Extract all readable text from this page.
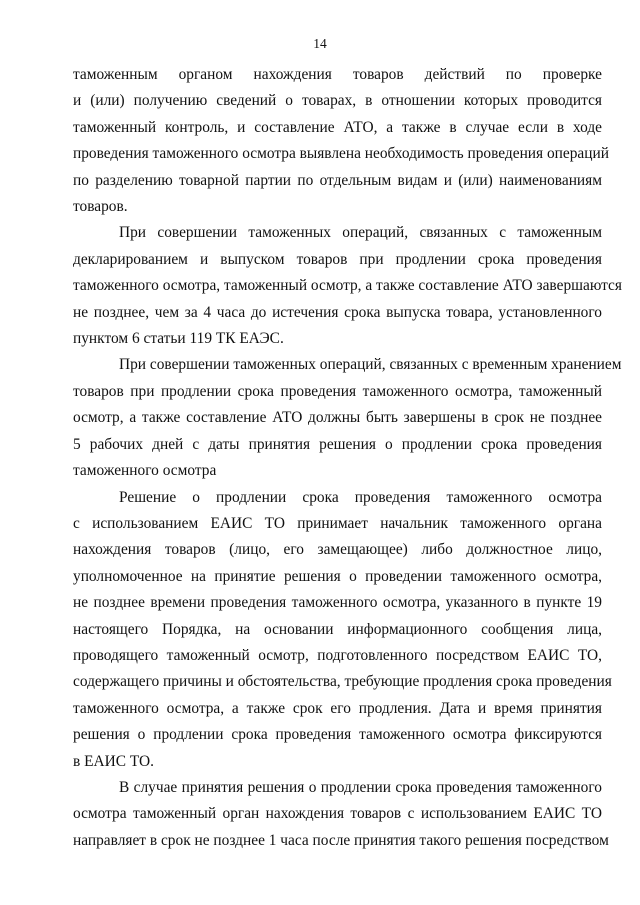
14
таможенным органом нахождения товаров действий по проверке
и (или) получению сведений о товарах, в отношении которых проводится
таможенный контроль, и составление АТО, а также в случае если в ходе
проведения таможенного осмотра выявлена необходимость проведения операций
по разделению товарной партии по отдельным видам и (или) наименованиям
товаров.
При совершении таможенных операций, связанных с таможенным
декларированием и выпуском товаров при продлении срока проведения
таможенного осмотра, таможенный осмотр, а также составление АТО завершаются
не позднее, чем за 4 часа до истечения срока выпуска товара, установленного
пунктом 6 статьи 119 ТК ЕАЭС.
При совершении таможенных операций, связанных с временным хранением
товаров при продлении срока проведения таможенного осмотра, таможенный
осмотр, а также составление АТО должны быть завершены в срок не позднее
5 рабочих дней с даты принятия решения о продлении срока проведения
таможенного осмотра
Решение о продлении срока проведения таможенного осмотра
с использованием ЕАИС ТО принимает начальник таможенного органа
нахождения товаров (лицо, его замещающее) либо должностное лицо,
уполномоченное на принятие решения о проведении таможенного осмотра,
не позднее времени проведения таможенного осмотра, указанного в пункте 19
настоящего Порядка, на основании информационного сообщения лица,
проводящего таможенный осмотр, подготовленного посредством ЕАИС ТО,
содержащего причины и обстоятельства, требующие продления срока проведения
таможенного осмотра, а также срок его продления. Дата и время принятия
решения о продлении срока проведения таможенного осмотра фиксируются
в ЕАИС ТО.
В случае принятия решения о продлении срока проведения таможенного
осмотра таможенный орган нахождения товаров с использованием ЕАИС ТО
направляет в срок не позднее 1 часа после принятия такого решения посредством
